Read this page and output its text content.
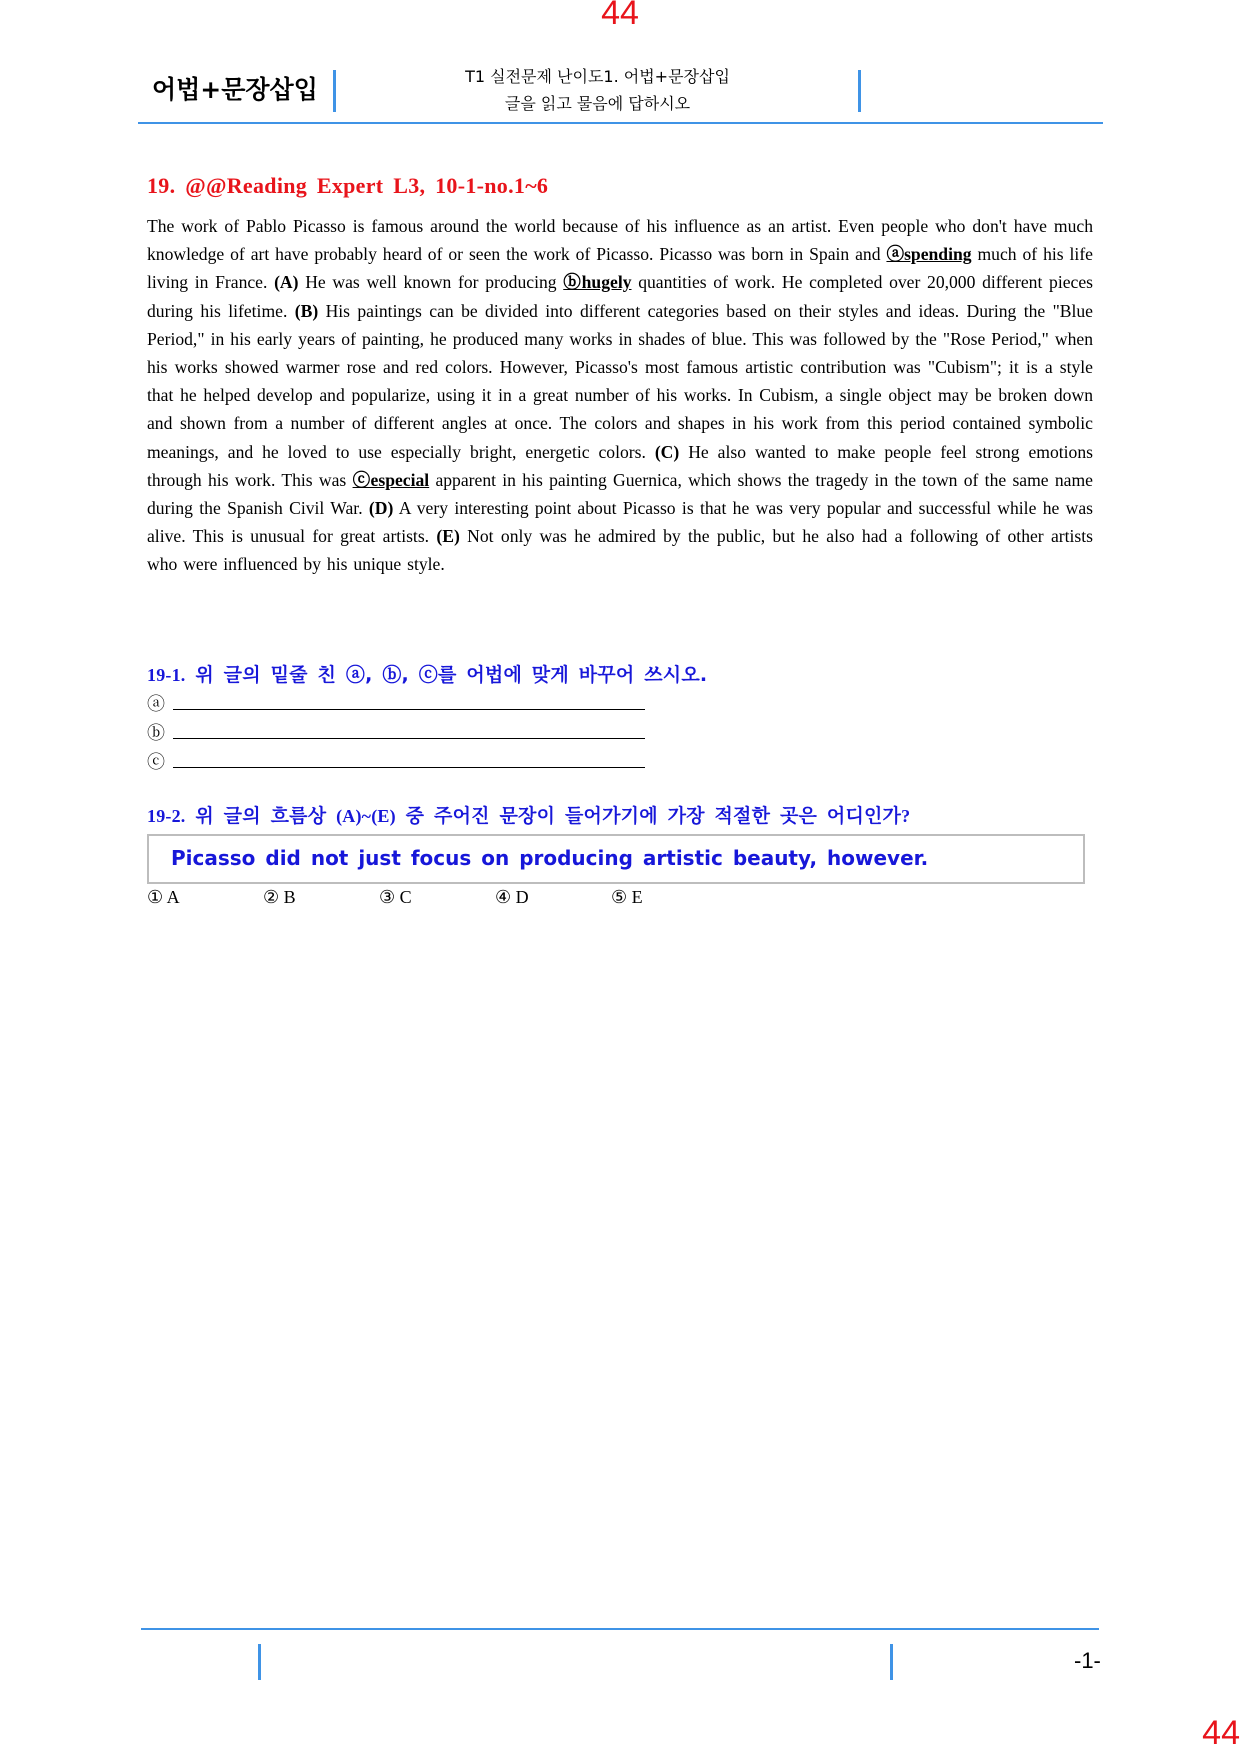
44
어법+문장삽입	T1 실전문제 난이도1. 어법+문장삽입
글을 읽고 물음에 답하시오
19. @@Reading Expert L3, 10-1-no.1~6
The work of Pablo Picasso is famous around the world because of his influence as an artist. Even people who don't have much knowledge of art have probably heard of or seen the work of Picasso. Picasso was born in Spain and ⓐspending much of his life living in France. (A) He was well known for producing ⓑhugely quantities of work. He completed over 20,000 different pieces during his lifetime. (B) His paintings can be divided into different categories based on their styles and ideas. During the "Blue Period," in his early years of painting, he produced many works in shades of blue. This was followed by the "Rose Period," when his works showed warmer rose and red colors. However, Picasso's most famous artistic contribution was "Cubism"; it is a style that he helped develop and popularize, using it in a great number of his works. In Cubism, a single object may be broken down and shown from a number of different angles at once. The colors and shapes in his work from this period contained symbolic meanings, and he loved to use especially bright, energetic colors. (C) He also wanted to make people feel strong emotions through his work. This was ⓒespecial apparent in his painting Guernica, which shows the tragedy in the town of the same name during the Spanish Civil War. (D) A very interesting point about Picasso is that he was very popular and successful while he was alive. This is unusual for great artists. (E) Not only was he admired by the public, but he also had a following of other artists who were influenced by his unique style.
19-1. 위 글의 밑줄 친 ⓐ, ⓑ, ⓒ를 어법에 맞게 바꾸어 쓰시오.
ⓐ
ⓑ
ⓒ
19-2. 위 글의 흐름상 (A)~(E) 중 주어진 문장이 들어가기에 가장 적절한 곳은 어디인가?
Picasso did not just focus on producing artistic beauty, however.
① A	② B	③ C	④ D	⑤ E
-1-
44
